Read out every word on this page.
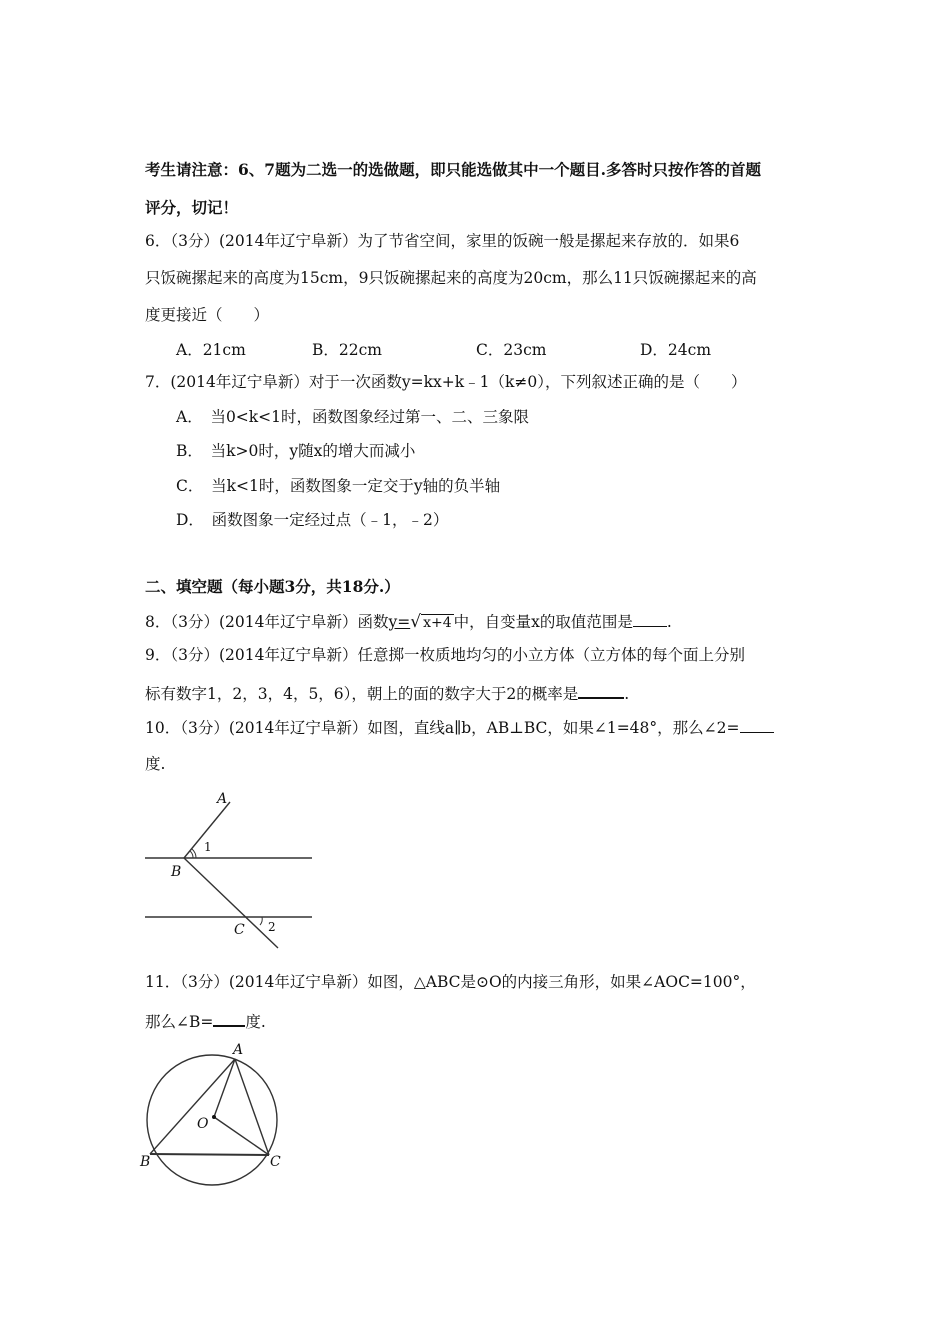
考生请注意：6、7题为二选一的选做题，即只能选做其中一个题目.多答时只按作答的首题
评分，切记！
6．（3分）(2014年辽宁阜新）为了节省空间，家里的饭碗一般是摞起来存放的．如果6
只饭碗摞起来的高度为15cm，9只饭碗摞起来的高度为20cm，那么11只饭碗摞起来的高
度更接近（　　）
A．21cm	B．22cm	C．23cm	D．24cm
7．(2014年辽宁阜新）对于一次函数y=kx+k﹣1（k≠0），下列叙述正确的是（　　）
A．　当0<k<1时，函数图象经过第一、二、三象限
B．　当k>0时，y随x的增大而减小
C．　当k<1时，函数图象一定交于y轴的负半轴
D．　函数图象一定经过点（﹣1，﹣2）
二、填空题（每小题3分，共18分.）
8．（3分）(2014年辽宁阜新）函数y=√ x+4 中，自变量x的取值范围是 .
9．（3分）(2014年辽宁阜新）任意掷一枚质地均匀的小立方体（立方体的每个面上分别
标有数字1，2，3，4，5，6），朝上的面的数字大于2的概率是	.
10．（3分）(2014年辽宁阜新）如图，直线a∥b，AB⊥BC，如果∠1=48°，那么∠2=
度.
A
B
C
1
2
11．（3分）(2014年辽宁阜新）如图，△ABC是⊙O的内接三角形，如果∠AOC=100°，
那么∠B= 度.
A
B	C
O
